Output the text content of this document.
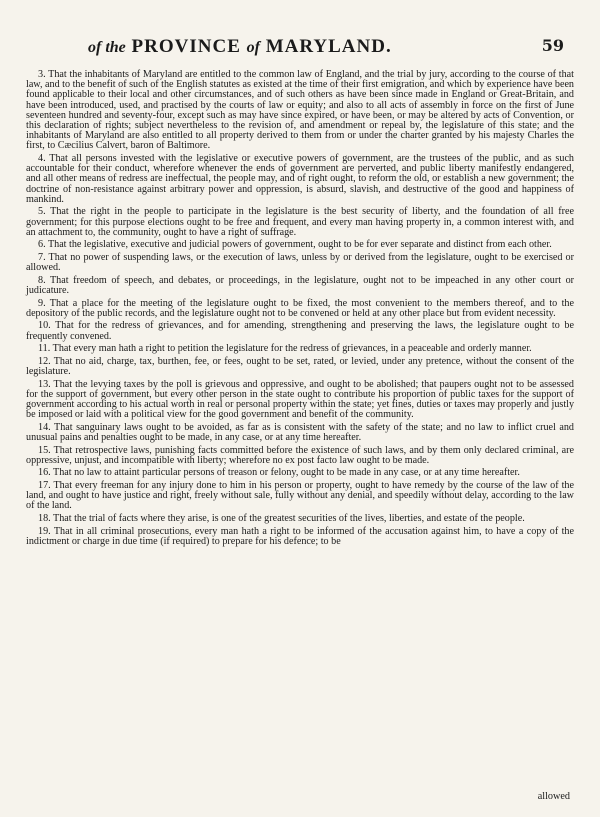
of the PROVINCE of MARYLAND.	59

3. That the inhabitants of Maryland are entitled to the common law of England, and the trial by jury, according to the course of that law, and to the benefit of such of the English statutes as existed at the time of their first emigration, and which by experience have been found applicable to their local and other circumstances, and of such others as have been since made in England or Great-Britain, and have been introduced, used, and practised by the courts of law or equity; and also to all acts of assembly in force on the first of June seventeen hundred and seventy-four, except such as may have since expired, or have been, or may be altered by acts of Convention, or this declaration of rights; subject nevertheless to the revision of, and amendment or repeal by, the legislature of this state; and the inhabitants of Maryland are also entitled to all property derived to them from or under the charter granted by his majesty Charles the first, to Cæcilius Calvert, baron of Baltimore.

4. That all persons invested with the legislative or executive powers of government, are the trustees of the public, and as such accountable for their conduct, wherefore whenever the ends of government are perverted, and public liberty manifestly endangered, and all other means of redress are ineffectual, the people may, and of right ought, to reform the old, or establish a new government; the doctrine of non-resistance against arbitrary power and oppression, is absurd, slavish, and destructive of the good and happiness of mankind.

5. That the right in the people to participate in the legislature is the best security of liberty, and the foundation of all free government; for this purpose elections ought to be free and frequent, and every man having property in, a common interest with, and an attachment to, the community, ought to have a right of suffrage.

6. That the legislative, executive and judicial powers of government, ought to be for ever separate and distinct from each other.

7. That no power of suspending laws, or the execution of laws, unless by or derived from the legislature, ought to be exercised or allowed.

8. That freedom of speech, and debates, or proceedings, in the legislature, ought not to be impeached in any other court or judicature.

9. That a place for the meeting of the legislature ought to be fixed, the most convenient to the members thereof, and to the depository of the public records, and the legislature ought not to be convened or held at any other place but from evident necessity.

10. That for the redress of grievances, and for amending, strengthening and preserving the laws, the legislature ought to be frequently convened.

11. That every man hath a right to petition the legislature for the redress of grievances, in a peaceable and orderly manner.

12. That no aid, charge, tax, burthen, fee, or fees, ought to be set, rated, or levied, under any pretence, without the consent of the legislature.

13. That the levying taxes by the poll is grievous and oppressive, and ought to be abolished; that paupers ought not to be assessed for the support of government, but every other person in the state ought to contribute his proportion of public taxes for the support of government according to his actual worth in real or personal property within the state; yet fines, duties or taxes may properly and justly be imposed or laid with a political view for the good government and benefit of the community.

14. That sanguinary laws ought to be avoided, as far as is consistent with the safety of the state; and no law to inflict cruel and unusual pains and penalties ought to be made, in any case, or at any time hereafter.

15. That retrospective laws, punishing facts committed before the existence of such laws, and by them only declared criminal, are oppressive, unjust, and incompatible with liberty; wherefore no ex post facto law ought to be made.

16. That no law to attaint particular persons of treason or felony, ought to be made in any case, or at any time hereafter.

17. That every freeman for any injury done to him in his person or property, ought to have remedy by the course of the law of the land, and ought to have justice and right, freely without sale, fully without any denial, and speedily without delay, according to the law of the land.

18. That the trial of facts where they arise, is one of the greatest securities of the lives, liberties, and estate of the people.

19. That in all criminal prosecutions, every man hath a right to be informed of the accusation against him, to have a copy of the indictment or charge in due time (if required) to prepare for his defence; to be

allowed
